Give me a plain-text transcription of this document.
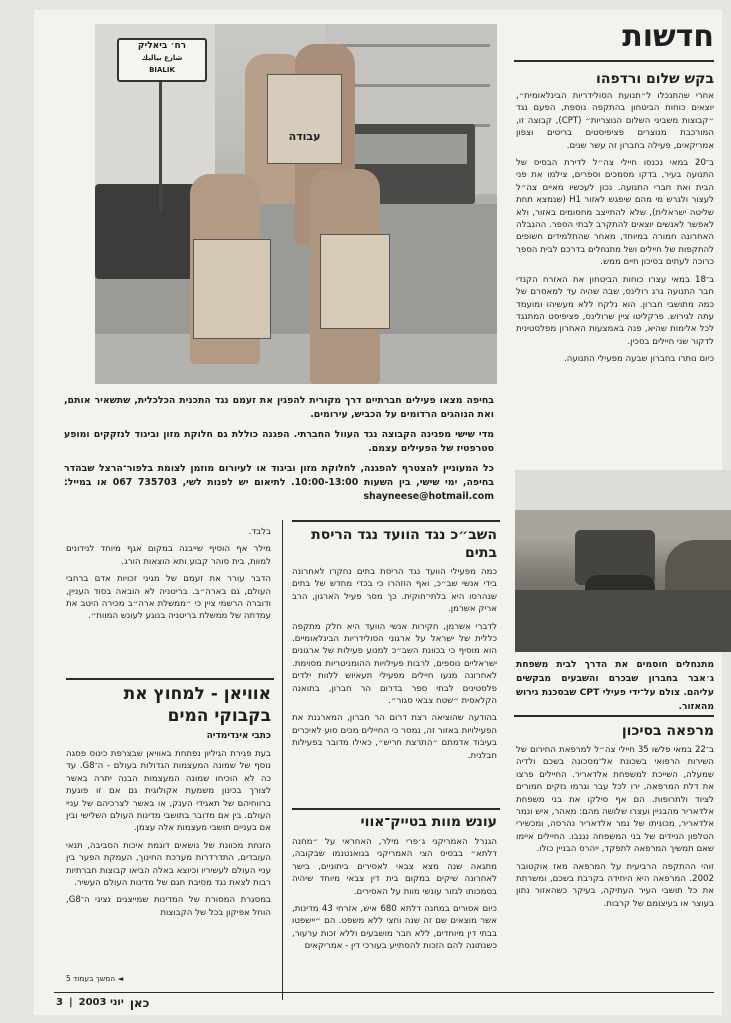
רח׳ ביאליק
شارع بياليك
BIALIK
עבודה
בחיפה מצאו פעילים חברתיים דרך מקורית להפגין את זעמם נגד התכנית הכלכלית, שתשאיר אותם, ואת הנוהגים הרדומים על הכביש, עירומים.
מדי שישי מפגינה הקבוצה נגד העוול החברתי. הפגנה כוללת גם חלוקת מזון וביגוד לנזקקים ומופע סטרפטיז של הפעילים עצמם.
כל המעוניין להצטרף להפגנה, לחלוקת מזון וביגוד או לעיורום מוזמן לצומת בלפור־הרצל שבהדר בחיפה, ימי שישי, בין השעות 10:00-13:00. לתיאום יש לפנות לשי, 735703 067 או במייל: shayneese@hotmail.com
חדשות
בקש שלום ורדפהו

אחרי שהתנכלו ל״תנועת הסולידריות הבינלאומית״, יוצאים כוחות הביטחון בהתקפה נוספת, הפעם נגד ״קבוצות משביני השלום הנוצריות״ (CPT), קבוצה זו, המורכבת מנוצרים פציפיסטים בריטים וצפון אמריקאים, פעילה בחברון זה עשר שנים.

ב־20 במאי נכנסו חיילי צה״ל לדירת הבסיס של התנועה בעיר, בדקו מסמכים וספרים, צילמו את פני הבית ואת חברי התנועה. נכון לעכשיו מאיים צה״ל לעצור ולגרש מי מהם שיפגש לאזור H1 (שנמצא תחת שליטה ישראלית), שלא להתייצב מחסומים באזור, ולא לאפשר לאנשים יוצאים להתקרב לבתי הספר. ההגבלה האחרונה חמורה במיוחד, מאחר שהתלמידים חשופים להתקפות של חיילים ושל מתנחלים בדרכם לבית הספר כרוכה לעתים בסיכון חיים ממש.

ב־18 במאי עצרו כוחות הביטחון את האזרח הקנדי חבר התנועה גרג רולינס, שבה שהיה עד למאסרם של כמה מתושבי חברון. הוא נלקח ללא מעשיהו ומועמד עתה לגירוש. פרקליטו ציין שרולינס, פציפיסט המתנגד לכל אלימות שהיא, פנה באמצעות האחרון מפלסטינית לדקור שני חיילים בסכין.

כיום נותרו בחברון שבעה מפעילי התנועה.

מתנחלים חוסמים את הדרך לבית משפחת ג׳אבר בחברון שבכרם והשבעים מבקשים עליהם. צולם על־ידי פעילי CPT שבסכנת גירוש מהאזור.
מרפאה בסיכון

ב־22 במאי פלשו 35 חיילי צה״ל למרפאת החירום של השירות הרפואי בשכונת אל־מסכונה בשכם ולדיה שמעלה, השייכת למשפחת אלדאריר. החיילים פרצו את דלת המרפאה, ירו לכל עבר וגרמו נזקים חמורים לציוד ולתרופות. הם אף סילקו את בני משפחת אלדאריר מהבניין ועצרו שלושה מהם: מאהר, איש ונמר אלדאריר, מכוניתו של נמר אלדאריר נהרסה, ומכשירי הטלפון הניידים של בני המשפחה נגנבו. החיילים איימו שאם תמשיך המרפאה לתפקד, ייהרס הבניין כולו.

זוהי ההתקפה הרביעית על המרפאה מאז אוקטובר 2002. המרפאה היא היחידה בקרבת בשכם, ומשרתת את כל תושבי העיר העתיקה, בעיקר כשהאזור נתון בעוצר או בעיצומם של קרבות.

השב״כ נגד הוועד נגד הריסת בתים

כמה מפעילי הוועד נגד הריסת בתים נחקרו לאחרונה בידי אנשי שב״כ, ואף הוזהרו כי בכדי מחדש של בתים שנהרסו היא בלתי־חוקית. כך מסר פעיל הארגון, הרב אריק אשרמן.

לדברי אשרמן, חקירות אנשי הוועד היא חלק מתקפה כללית של ישראל על ארגוני הסולידריות הבינלאומיים. הוא מוסיף כי בכוונת השב״כ למנוע פעילות של ארגונים ישראליים נוספים, לרבות פעילויות ההומניטריות מסוימת. לאחרונה מנעו חיילים מפעילי תעאיוש ללוות ילדים פלסטינים לבתי ספר בדרום הר חברון, בתואנה הקלאסית ״שטח צבאי סגור״.

בהודעה שהוציאה רצת דרום הר חברון, המארגנת את הפעילויות באזור זה, נמסר כי החיילים מכים סוע לאיכרים בעיבוד אדמתם ״התרצת חריש״, כאילו מדובר בפעילות חבלנית.

עונש מוות בטייק־אווי

הגנרל האמריקני ג׳פרי מילר, האחראי על ״מחנה דלתא״ בבסיס הצי האמריקני בגואנטנמו שבקובה, מתגאה שנה מצא צבאי לאסירים ביתוניים, בישר לאחרונה שיקים במקום בית דין צבאי מיוחד שיהיה בסמכותו לגזור עונשי מוות על האסירים.

כיום אסורים במחנה דלתא 680 איש, אזרחי 43 מדינות, אשר מוצאים שם זה שנה וחצי ללא משפט. הם ״יישפטו בבתי דין מיוחדים, ללא חבר מושבעים וללא זכות ערעור, כשנתונה להם הזכות להסתייע בעורכי דין - אמריקאים

בלבד.

מילר אף הוסיף שייבנה במקום אגף מיוחד לנידונים למוות, בית סוהר קבוע ותא הוצאות הורג.

הדבר עורר את זעמם של מגיני זכויות אדם ברחבי העולם, גם בארה״ב. בריטניה לא הובאה בסוד העניין, ודוברה הרשמי ציין כי ״ממשלת ארה״ב מכירה היטב את עמדתה של ממשלת בריטניה בנוגע לעונש המוות״.

אוויאן - למחוץ את בקבוקי המים
כתבי אינדימדיה

בעת פגירת הגיליון נפתחת באוויאן שבצרפת כינוס פסגה נוסף של שמונה המעצמות הגדולות בעולם - ה־G8. עד כה לא הוכיחו שמונה המעצמות הבנה יתרה באשר לצורך בכינון משמעת אקולוגית גם אם זו פוגעת ברווחיהם של תאגידי הענק, או באשר לצרכיהם של עניי העולם. בין אם מדובר בתושבי מדינות העולם השלישי ובין אם בעניים תושבי מעצמות אלה עצמן.

הזנחת מכוונת של נושאים דוגמת איכות הסביבה, תנאי העובדים, התדרדרות מערכת החינוך, העמקת הפער בין עניי העולם לעשיריו וכיוצא באלה הביאו קבוצות חברתיות רבות לצאת נגד מסיבת חגם של מדינות העולם העשיר.

במסגרת המסורת של המדינות שמייצגים נציגי ה־G8, הוחל אפיקון בכל של הקבוצות

◄ המשך בעמוד 5
3 | יוני 2003 כאן
